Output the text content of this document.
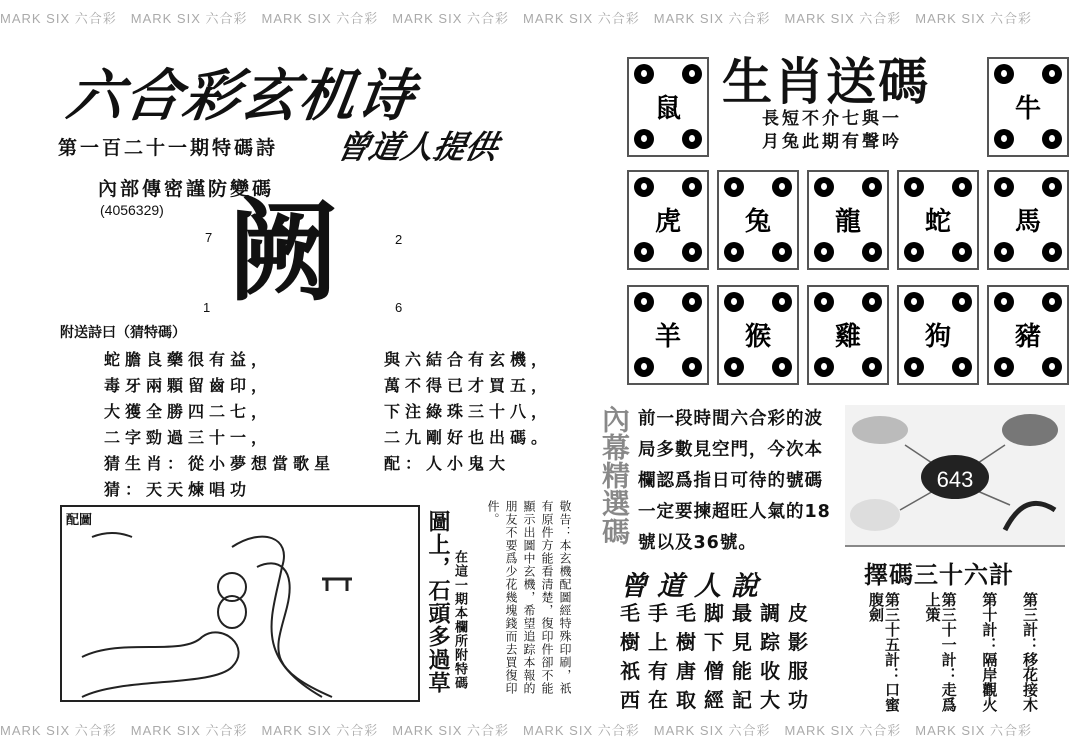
MARK SIX 六合彩 MARK SIX 六合彩 MARK SIX 六合彩 MARK SIX 六合彩 MARK SIX 六合彩 MARK SIX 六合彩 MARK SIX 六合彩 MARK SIX 六合彩
MARK SIX 六合彩 MARK SIX 六合彩 MARK SIX 六合彩 MARK SIX 六合彩 MARK SIX 六合彩 MARK SIX 六合彩 MARK SIX 六合彩 MARK SIX 六合彩
六合彩玄机诗
第一百二十一期特碼詩 曾道人提供
內部傳密謹防變碼
(4056329) 阙
7	2
1	6
附送詩曰（猜特碼）
蛇膽良藥很有益，
毒牙兩顆留齒印，
大獲全勝四二七，
二字勁過三十一，
猜生肖：從小夢想當歌星
猜：天天煉唱功
與六結合有玄機，
萬不得已才買五，
下注綠珠三十八，
二九剛好也出碼。
配：人小鬼大
配圖	圖上，石頭多過草 在這一期本欄所附特碼	敬告：本玄機配圖經特殊印刷，祇有原件方能看清楚，復印件卻不能顯示出圖中玄機，希望追踪本報的朋友不要爲少花幾塊錢而去買復印件。
生肖送碼
長短不介七與一
月兔此期有聲吟
鼠	牛
虎	兔	龍	蛇	馬
羊	猴	雞	狗	豬
內幕精選碼 前一段時間六合彩的波
局多數見空門，今次本
欄認爲指日可待的號碼
一定要揀超旺人氣的18
號以及36號。
643
曾道人說
毛手毛脚最調皮
樹上樹下見踪影
祇有唐僧能收服
西在取經記大功
擇碼三十六計
第三計：移花接木
第十計：隔岸觀火
第三十一計：走爲上策
第三十五計：口蜜腹劍
